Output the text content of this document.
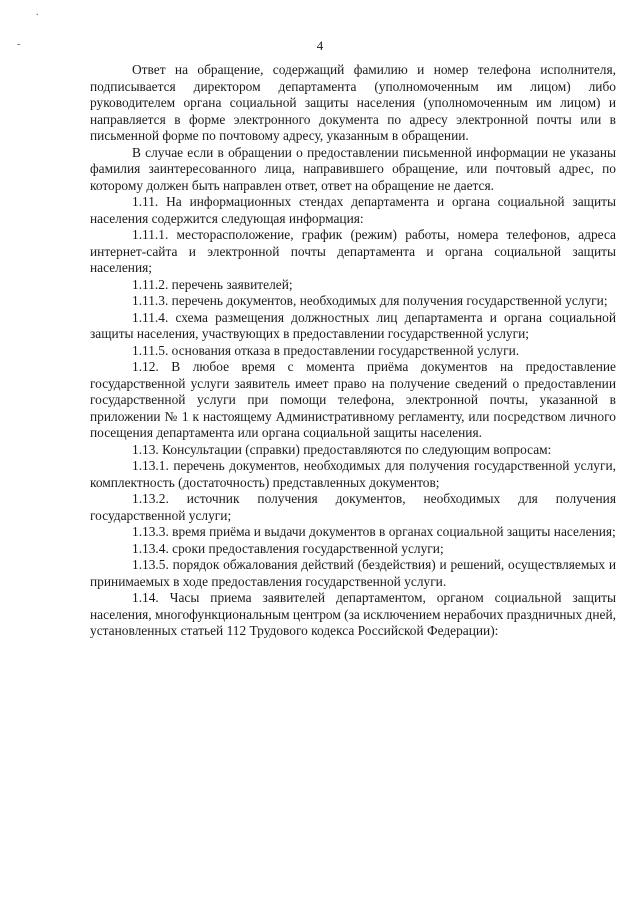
.
-	4

Ответ на обращение, содержащий фамилию и номер телефона исполнителя, подписывается директором департамента (уполномоченным им лицом) либо руководителем органа социальной защиты населения (уполномоченным им лицом) и направляется в форме электронного документа по адресу электронной почты или в письменной форме по почтовому адресу, указанным в обращении.

В случае если в обращении о предоставлении письменной информации не указаны фамилия заинтересованного лица, направившего обращение, или почтовый адрес, по которому должен быть направлен ответ, ответ на обращение не дается.

1.11. На информационных стендах департамента и органа социальной защиты населения содержится следующая информация:

1.11.1. месторасположение, график (режим) работы, номера телефонов, адреса интернет-сайта и электронной почты департамента и органа социальной защиты населения;

1.11.2. перечень заявителей;

1.11.3. перечень документов, необходимых для получения государственной услуги;

1.11.4. схема размещения должностных лиц департамента и органа социальной защиты населения, участвующих в предоставлении государственной услуги;

1.11.5. основания отказа в предоставлении государственной услуги.

1.12. В любое время с момента приёма документов на предоставление государственной услуги заявитель имеет право на получение сведений о предоставлении государственной услуги при помощи телефона, электронной почты, указанной в приложении № 1 к настоящему Административному регламенту, или посредством личного посещения департамента или органа социальной защиты населения.

1.13. Консультации (справки) предоставляются по следующим вопросам:

1.13.1. перечень документов, необходимых для получения государственной услуги, комплектность (достаточность) представленных документов;

1.13.2. источник получения документов, необходимых для получения государственной услуги;

1.13.3. время приёма и выдачи документов в органах социальной защиты населения;

1.13.4. сроки предоставления государственной услуги;

1.13.5. порядок обжалования действий (бездействия) и решений, осуществляемых и принимаемых в ходе предоставления государственной услуги.

1.14. Часы приема заявителей департаментом, органом социальной защиты населения, многофункциональным центром (за исключением нерабочих праздничных дней, установленных статьей 112 Трудового кодекса Российской Федерации):
